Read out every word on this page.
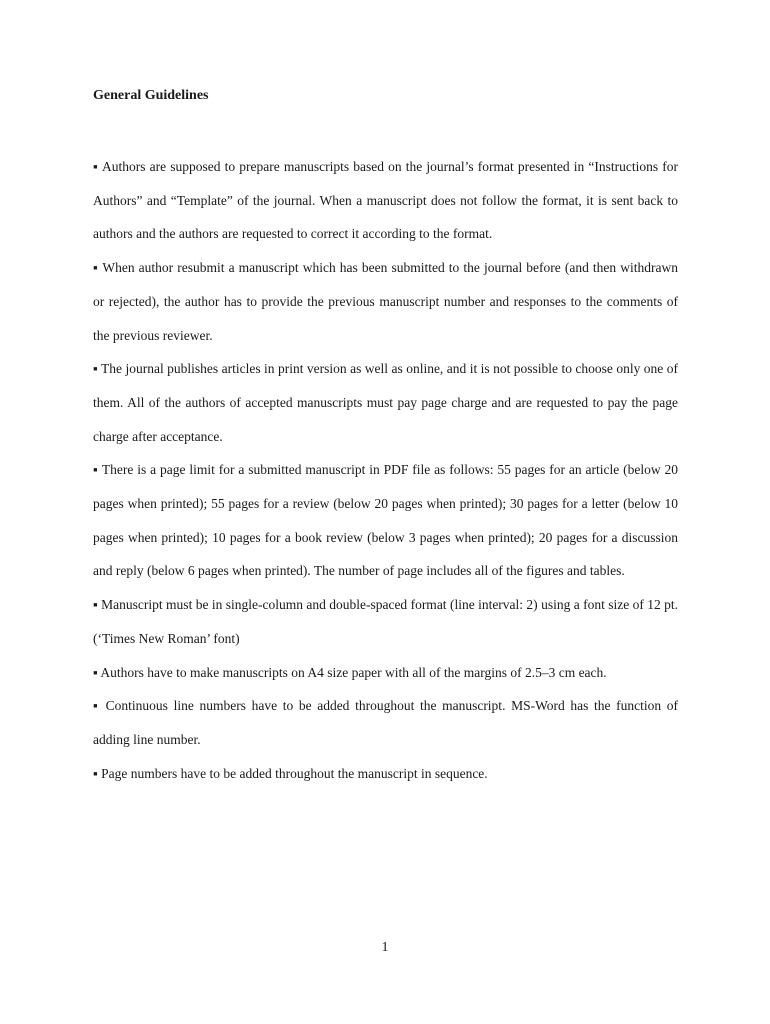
General Guidelines

▪ Authors are supposed to prepare manuscripts based on the journal’s format presented in “Instructions for Authors” and “Template” of the journal. When a manuscript does not follow the format, it is sent back to authors and the authors are requested to correct it according to the format.

▪ When author resubmit a manuscript which has been submitted to the journal before (and then withdrawn or rejected), the author has to provide the previous manuscript number and responses to the comments of the previous reviewer.

▪ The journal publishes articles in print version as well as online, and it is not possible to choose only one of them. All of the authors of accepted manuscripts must pay page charge and are requested to pay the page charge after acceptance.

▪ There is a page limit for a submitted manuscript in PDF file as follows: 55 pages for an article (below 20 pages when printed); 55 pages for a review (below 20 pages when printed); 30 pages for a letter (below 10 pages when printed); 10 pages for a book review (below 3 pages when printed); 20 pages for a discussion and reply (below 6 pages when printed). The number of page includes all of the figures and tables.

▪ Manuscript must be in single-column and double-spaced format (line interval: 2) using a font size of 12 pt. (‘Times New Roman’ font)

▪ Authors have to make manuscripts on A4 size paper with all of the margins of 2.5–3 cm each.

▪ Continuous line numbers have to be added throughout the manuscript. MS-Word has the function of adding line number.

▪ Page numbers have to be added throughout the manuscript in sequence.

1
